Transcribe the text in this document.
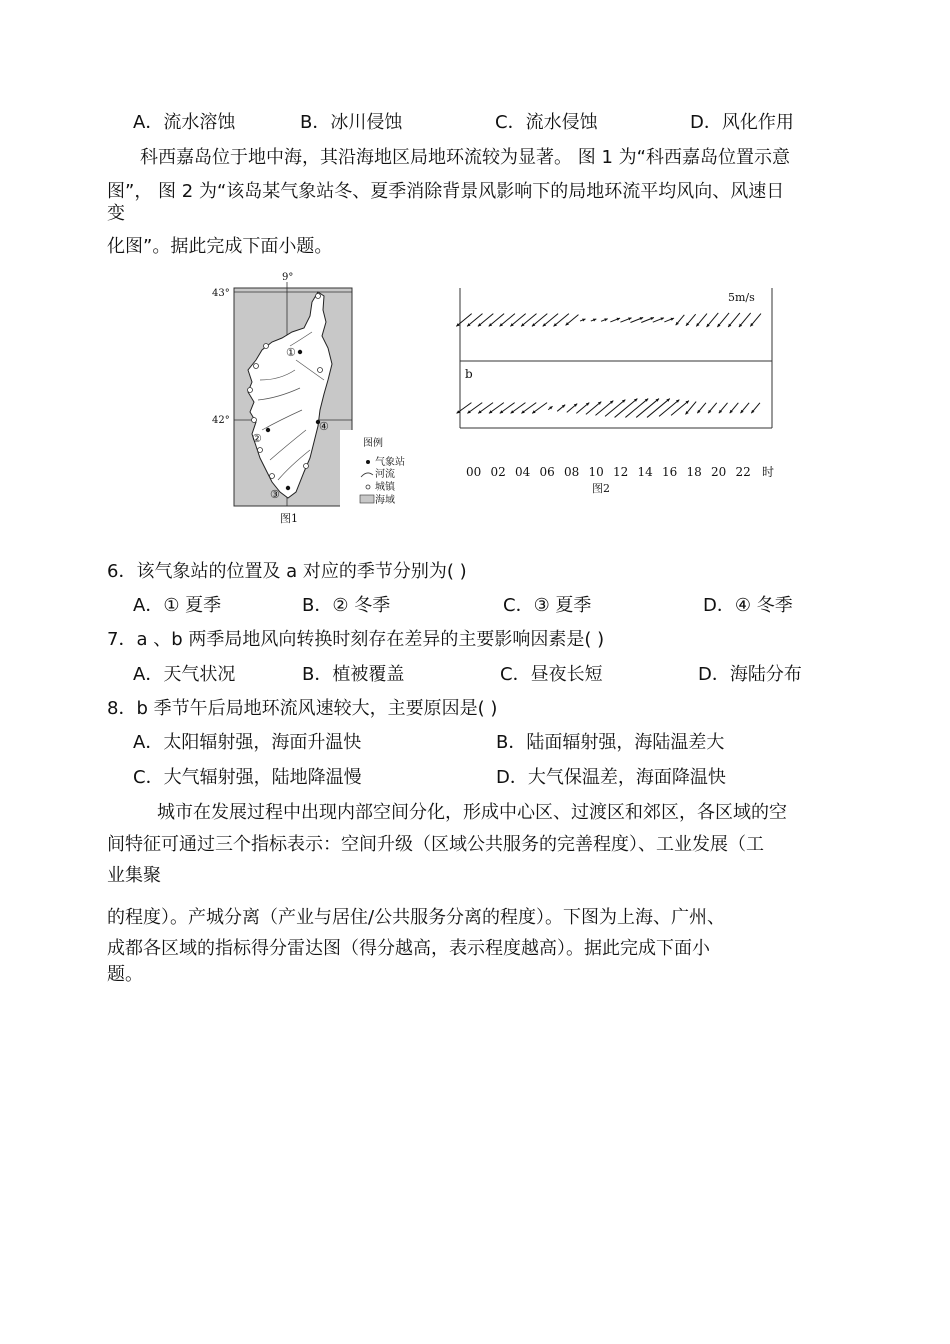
A．流水溶蚀	B．冰川侵蚀	C．流水侵蚀	D．风化作用
科西嘉岛位于地中海，其沿海地区局地环流较为显著。 图 1 为“科西嘉岛位置示意
图”， 图 2 为“该岛某气象站冬、夏季消除背景风影响下的局地环流平均风向、风速日
变
化图”。据此完成下面小题。
①
②
③
④
9°
43°
42°
图例
气象站
河流
城镇
海域
图1
5m/s
b
00 02 04 06 08 10 12 14 16 18 20 22 时
图2
6．该气象站的位置及 a 对应的季节分别为( )
A．① 夏季	B．② 冬季	C．③ 夏季	D．④ 冬季
7．a 、b 两季局地风向转换时刻存在差异的主要影响因素是( )
A．天气状况	B．植被覆盖	C．昼夜长短	D．海陆分布
8．b 季节午后局地环流风速较大，主要原因是( )
A．太阳辐射强，海面升温快	B．陆面辐射强，海陆温差大
C．大气辐射强，陆地降温慢	D．大气保温差，海面降温快
城市在发展过程中出现内部空间分化，形成中心区、过渡区和郊区，各区域的空
间特征可通过三个指标表示：空间升级（区域公共服务的完善程度）、工业发展（工
业集聚
的程度）。产城分离（产业与居住/公共服务分离的程度）。下图为上海、广州、
成都各区域的指标得分雷达图（得分越高，表示程度越高）。据此完成下面小
题。
